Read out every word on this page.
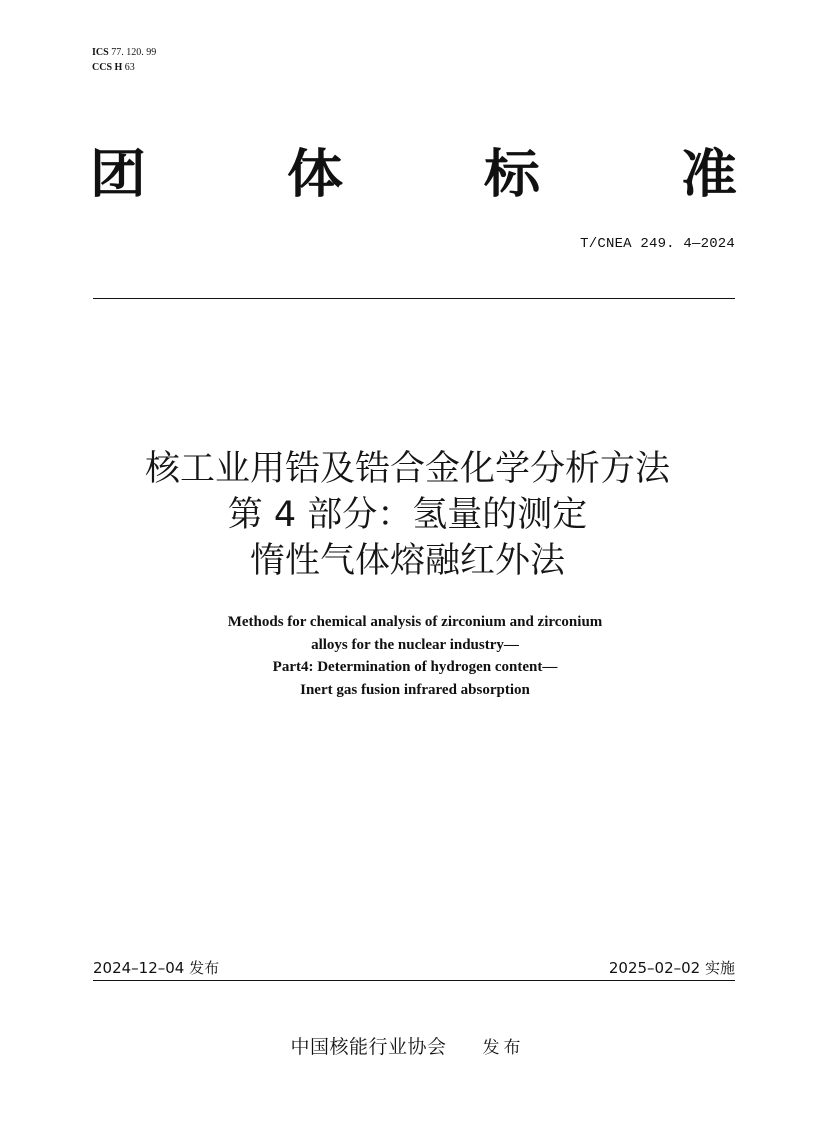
ICS 77. 120. 99
CCS H 63
团	体	标	准
T/CNEA 249. 4—2024
核工业用锆及锆合金化学分析方法
第 4 部分：氢量的测定
惰性气体熔融红外法
Methods for chemical analysis of zirconium and zirconium
alloys for the nuclear industry—
Part4: Determination of hydrogen content—
Inert gas fusion infrared absorption
2024–12–04 发布	2025–02–02 实施
中国核能行业协会 发布
